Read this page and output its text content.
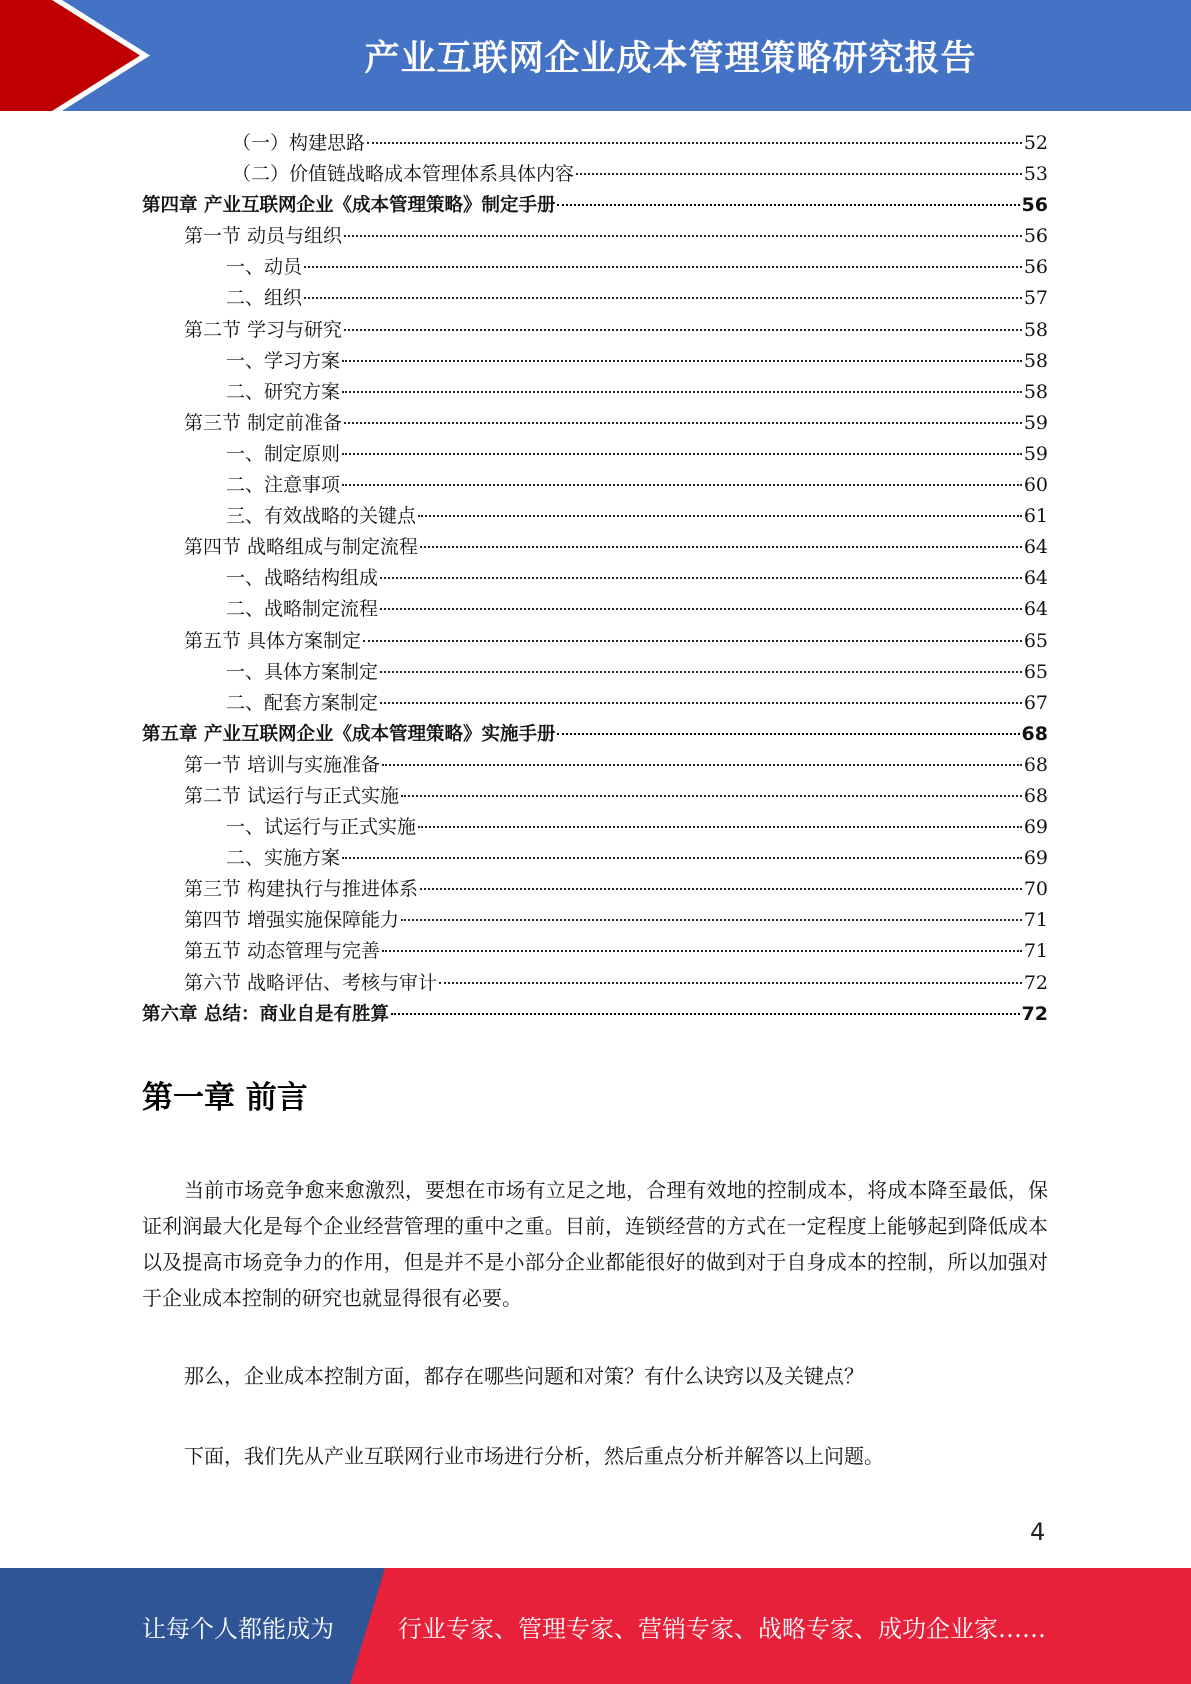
产业互联网企业成本管理策略研究报告
（一）构建思路	52
（二）价值链战略成本管理体系具体内容	53
第四章 产业互联网企业《成本管理策略》制定手册	56
第一节 动员与组织	56
一、动员	56
二、组织	57
第二节 学习与研究	58
一、学习方案	58
二、研究方案	58
第三节 制定前准备	59
一、制定原则	59
二、注意事项	60
三、有效战略的关键点	61
第四节 战略组成与制定流程	64
一、战略结构组成	64
二、战略制定流程	64
第五节 具体方案制定	65
一、具体方案制定	65
二、配套方案制定	67
第五章 产业互联网企业《成本管理策略》实施手册	68
第一节 培训与实施准备	68
第二节 试运行与正式实施	68
一、试运行与正式实施	69
二、实施方案	69
第三节 构建执行与推进体系	70
第四节 增强实施保障能力	71
第五节 动态管理与完善	71
第六节 战略评估、考核与审计	72
第六章 总结：商业自是有胜算	72
第一章 前言

当前市场竞争愈来愈激烈，要想在市场有立足之地，合理有效地的控制成本，将成本降至最低，保证利润最大化是每个企业经营管理的重中之重。目前，连锁经营的方式在一定程度上能够起到降低成本以及提高市场竞争力的作用，但是并不是小部分企业都能很好的做到对于自身成本的控制，所以加强对于企业成本控制的研究也就显得很有必要。

那么，企业成本控制方面，都存在哪些问题和对策？有什么诀窍以及关键点？

下面，我们先从产业互联网行业市场进行分析，然后重点分析并解答以上问题。

4
让每个人都能成为	行业专家、管理专家、营销专家、战略专家、成功企业家……
